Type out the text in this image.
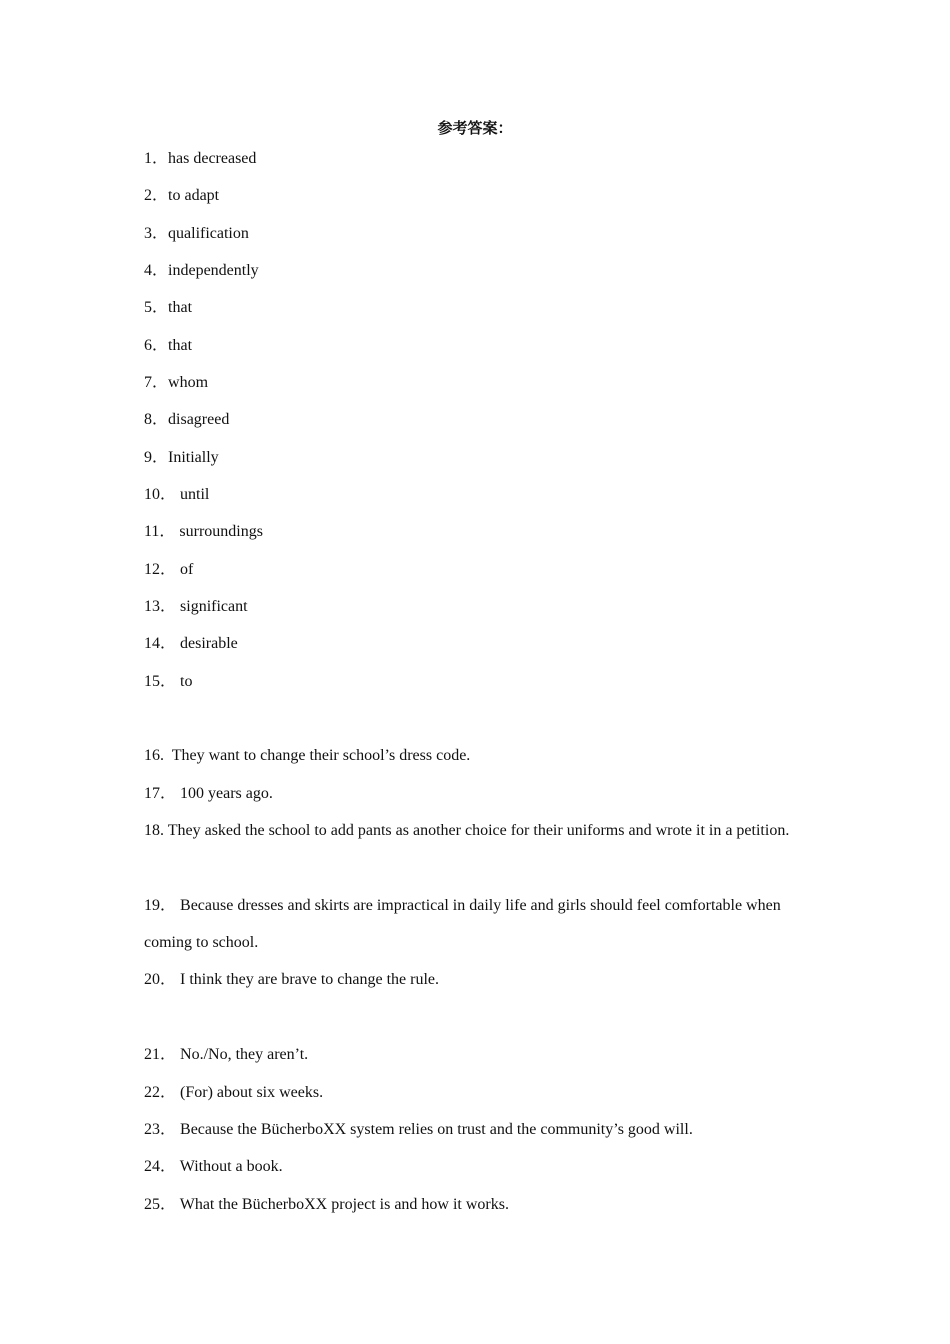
参考答案：
1．has decreased
2．to adapt
3．qualification
4．independently
5．that
6．that
7．whom
8．disagreed
9．Initially
10． until
11． surroundings
12． of
13． significant
14． desirable
15． to
16.  They want to change their school’s dress code.
17． 100 years ago.
18. They asked the school to add pants as another choice for their uniforms and wrote it in a petition.
19． Because dresses and skirts are impractical in daily life and girls should feel comfortable when coming to school.
20． I think they are brave to change the rule.
21． No./No, they aren’t.
22． (For) about six weeks.
23． Because the BücherboXX system relies on trust and the community’s good will.
24． Without a book.
25． What the BücherboXX project is and how it works.
